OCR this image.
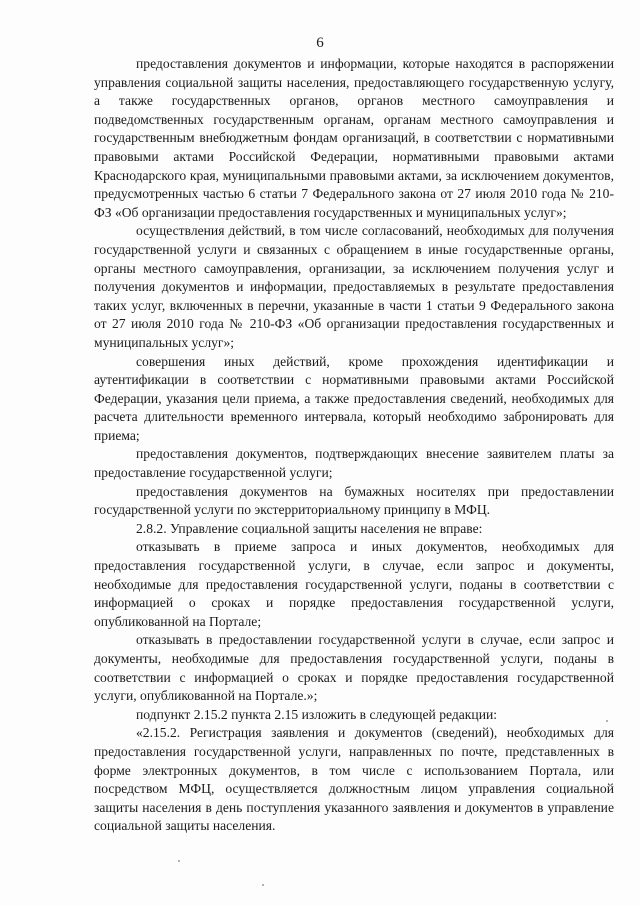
6

предоставления документов и информации, которые находятся в распоряжении управления социальной защиты населения, предоставляющего государственную услугу, а также государственных органов, органов местного самоуправления и подведомственных государственным органам, органам местного самоуправления и государственным внебюджетным фондам организаций, в соответствии с нормативными правовыми актами Российской Федерации, нормативными правовыми актами Краснодарского края, муниципальными правовыми актами, за исключением документов, предусмотренных частью 6 статьи 7 Федерального закона от 27 июля 2010 года № 210-ФЗ «Об организации предоставления государственных и муниципальных услуг»;

осуществления действий, в том числе согласований, необходимых для получения государственной услуги и связанных с обращением в иные государственные органы, органы местного самоуправления, организации, за исключением получения услуг и получения документов и информации, предоставляемых в результате предоставления таких услуг, включенных в перечни, указанные в части 1 статьи 9 Федерального закона от 27 июля 2010 года № 210-ФЗ «Об организации предоставления государственных и муниципальных услуг»;

совершения иных действий, кроме прохождения идентификации и аутентификации в соответствии с нормативными правовыми актами Российской Федерации, указания цели приема, а также предоставления сведений, необходимых для расчета длительности временного интервала, который необходимо забронировать для приема;

предоставления документов, подтверждающих внесение заявителем платы за предоставление государственной услуги;

предоставления документов на бумажных носителях при предоставлении государственной услуги по экстерриториальному принципу в МФЦ.

2.8.2. Управление социальной защиты населения не вправе:

отказывать в приеме запроса и иных документов, необходимых для предоставления государственной услуги, в случае, если запрос и документы, необходимые для предоставления государственной услуги, поданы в соответствии с информацией о сроках и порядке предоставления государственной услуги, опубликованной на Портале;

отказывать в предоставлении государственной услуги в случае, если запрос и документы, необходимые для предоставления государственной услуги, поданы в соответствии с информацией о сроках и порядке предоставления государственной услуги, опубликованной на Портале.»;

подпункт 2.15.2 пункта 2.15 изложить в следующей редакции:

«2.15.2. Регистрация заявления и документов (сведений), необходимых для предоставления государственной услуги, направленных по почте, представленных в форме электронных документов, в том числе с использованием Портала, или посредством МФЦ, осуществляется должностным лицом управления социальной защиты населения в день поступления указанного заявления и документов в управление социальной защиты населения.
